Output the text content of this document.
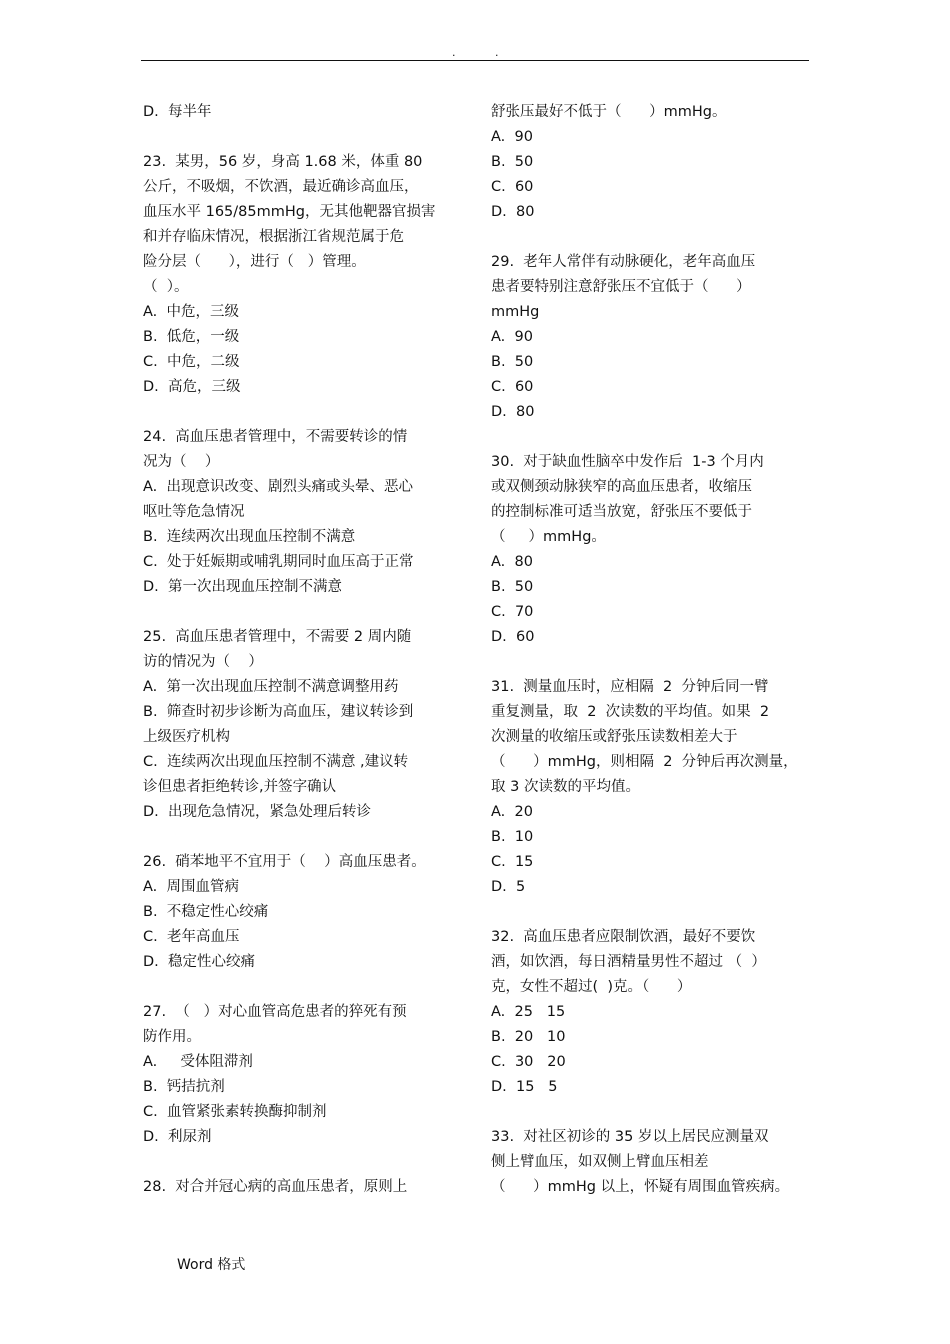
.	.
D.  每半年
23.  某男，56 岁，身高 1.68 米，体重 80
公斤，不吸烟，不饮酒，最近确诊高血压，
血压水平 165/85mmHg，无其他靶器官损害
和并存临床情况，根据浙江省规范属于危
险分层（      ），进行（   ）管理。
（  ）。
A.  中危，三级
B.  低危，一级
C.  中危，二级
D.  高危，三级
24.  高血压患者管理中，不需要转诊的情
况为（    ）
A.  出现意识改变、剧烈头痛或头晕、恶心
呕吐等危急情况
B.  连续两次出现血压控制不满意
C.  处于妊娠期或哺乳期同时血压高于正常
D.  第一次出现血压控制不满意
25.  高血压患者管理中，不需要 2 周内随
访的情况为（    ）
A.  第一次出现血压控制不满意调整用药
B.  筛查时初步诊断为高血压，建议转诊到
上级医疗机构
C.  连续两次出现血压控制不满意 ,建议转
诊但患者拒绝转诊,并签字确认
D.  出现危急情况，紧急处理后转诊
26.  硝苯地平不宜用于（    ）高血压患者。
A.  周围血管病
B.  不稳定性心绞痛
C.  老年高血压
D.  稳定性心绞痛
27.  （   ）对心血管高危患者的猝死有预
防作用。
A.     受体阻滞剂
B.  钙拮抗剂
C.  血管紧张素转换酶抑制剂
D.  利尿剂
28.  对合并冠心病的高血压患者，原则上
舒张压最好不低于（      ）mmHg。
A.  90
B.  50
C.  60
D.  80
29.  老年人常伴有动脉硬化，老年高血压
患者要特别注意舒张压不宜低于（      ）
mmHg
A.  90
B.  50
C.  60
D.  80
30.  对于缺血性脑卒中发作后  1-3 个月内
或双侧颈动脉狭窄的高血压患者，收缩压
的控制标准可适当放宽，舒张压不要低于
（     ）mmHg。
A.  80
B.  50
C.  70
D.  60
31.  测量血压时，应相隔  2  分钟后同一臂
重复测量，取  2  次读数的平均值。如果  2
次测量的收缩压或舒张压读数相差大于
（      ）mmHg，则相隔  2  分钟后再次测量，
取 3 次读数的平均值。
A.  20
B.  10
C.  15
D.  5
32.  高血压患者应限制饮酒，最好不要饮
酒，如饮酒，每日酒精量男性不超过 （  ）
克，女性不超过(  )克。（      ）
A.  25   15
B.  20   10
C.  30   20
D.  15   5
33.  对社区初诊的 35 岁以上居民应测量双
侧上臂血压，如双侧上臂血压相差
（      ）mmHg 以上，怀疑有周围血管疾病。
Word 格式
